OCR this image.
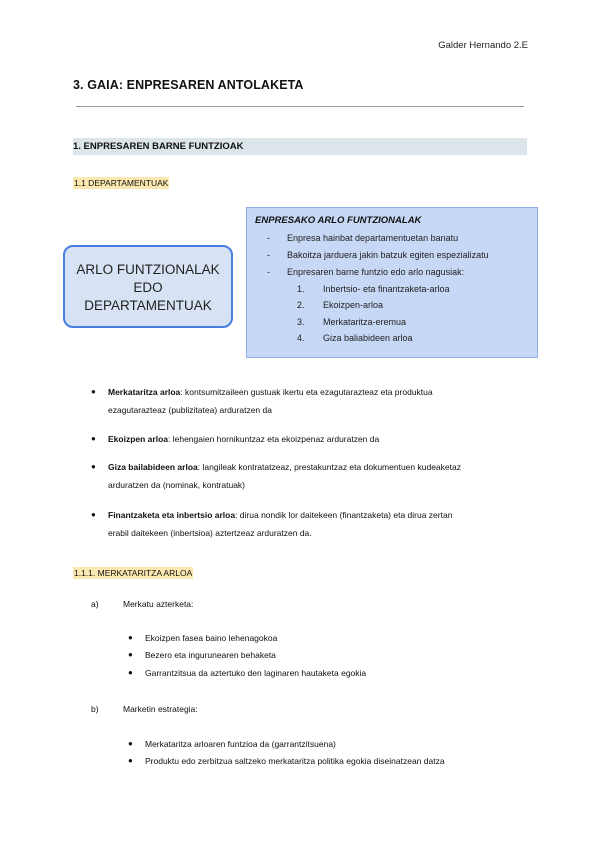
Galder Hernando 2.E
3. GAIA: ENPRESAREN ANTOLAKETA
1. ENPRESAREN BARNE FUNTZIOAK
1.1 DEPARTAMENTUAK
ARLO FUNTZIONALAK
EDO
DEPARTAMENTUAK
ENPRESAKO ARLO FUNTZIONALAK
- Enpresa hainbat departamentuetan banatu
- Bakoitza jarduera jakin batzuk egiten espezializatu
- Enpresaren barne funtzio edo arlo nagusiak:
1. Inbertsio- eta finantzaketa-arloa
2. Ekoizpen-arloa
3. Merkataritza-eremua
4. Giza baliabideen arloa
● Merkataritza arloa: kontsumitzaileen gustuak ikertu eta ezagutarazteaz eta produktua
ezagutarazteaz (publizitatea) arduratzen da
● Ekoizpen arloa: lehengaien hornikuntzaz eta ekoizpenaz arduratzen da
● Giza bailabideen arloa: langileak kontratatzeaz, prestakuntzaz eta dokumentuen kudeaketaz
arduratzen da (nominak, kontratuak)
● Finantzaketa eta inbertsio arloa: dirua nondik lor daitekeen (finantzaketa) eta dirua zertan
erabil daitekeen (inbertsioa) aztertzeaz arduratzen da.
1.1.1. MERKATARITZA ARLOA
a)	Merkatu azterketa:
● Ekoizpen fasea baino lehenagokoa
● Bezero eta ingurunearen behaketa
● Garrantzitsua da aztertuko den laginaren hautaketa egokia
b)	Marketin estrategia:
● Merkataritza arloaren funtzioa da (garrantzitsuena)
● Produktu edo zerbitzua saltzeko merkataritza politika egokia diseinatzean datza
